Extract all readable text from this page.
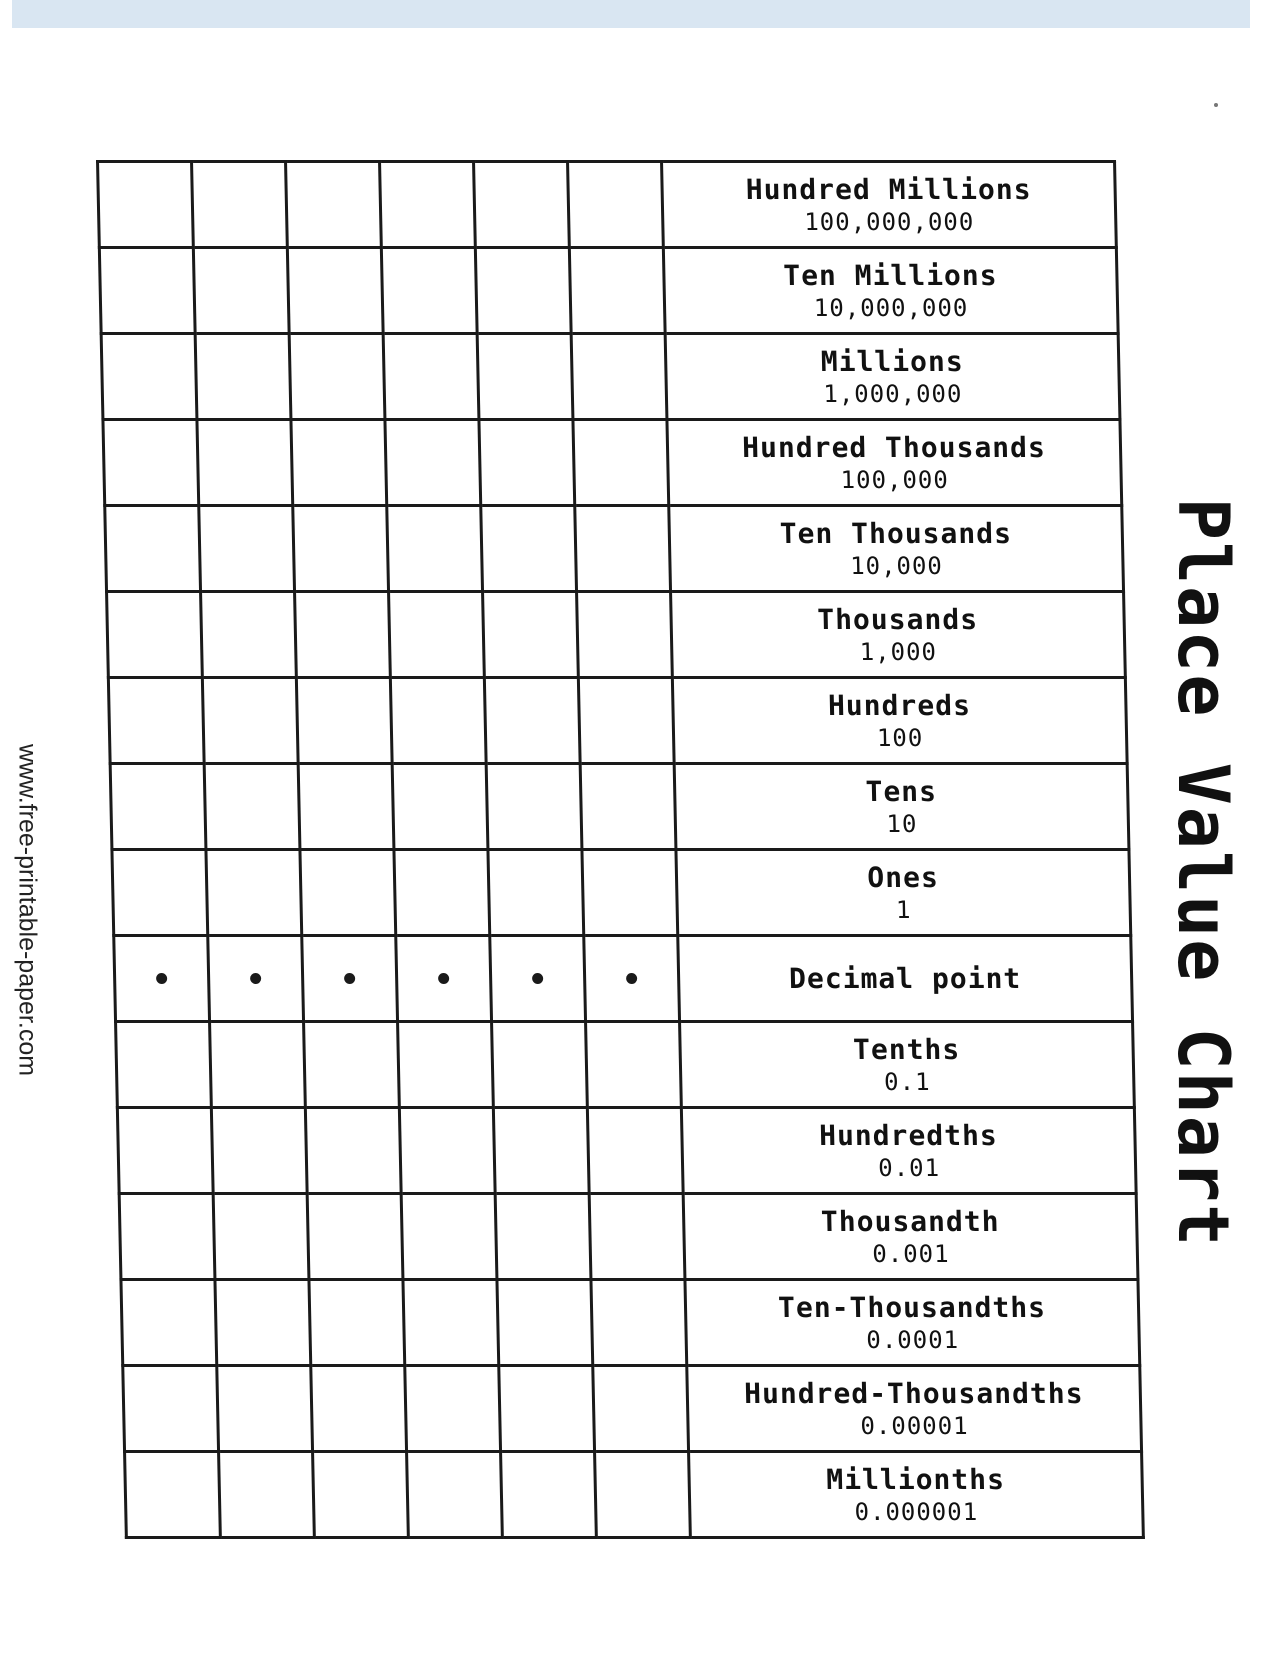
						Hundred Millions
100,000,000

						Ten Millions
10,000,000

						Millions
1,000,000

						Hundred Thousands
100,000

						Ten Thousands
10,000

						Thousands
1,000

						Hundreds
100

						Tens
10

						Ones
1

						Decimal point

						Tenths
0.1

						Hundredths
0.01

						Thousandth
0.001

						Ten-Thousandths
0.0001

						Hundred-Thousandths
0.00001

						Millionths
0.000001
Place Value Chart
www.free-printable-paper.com
